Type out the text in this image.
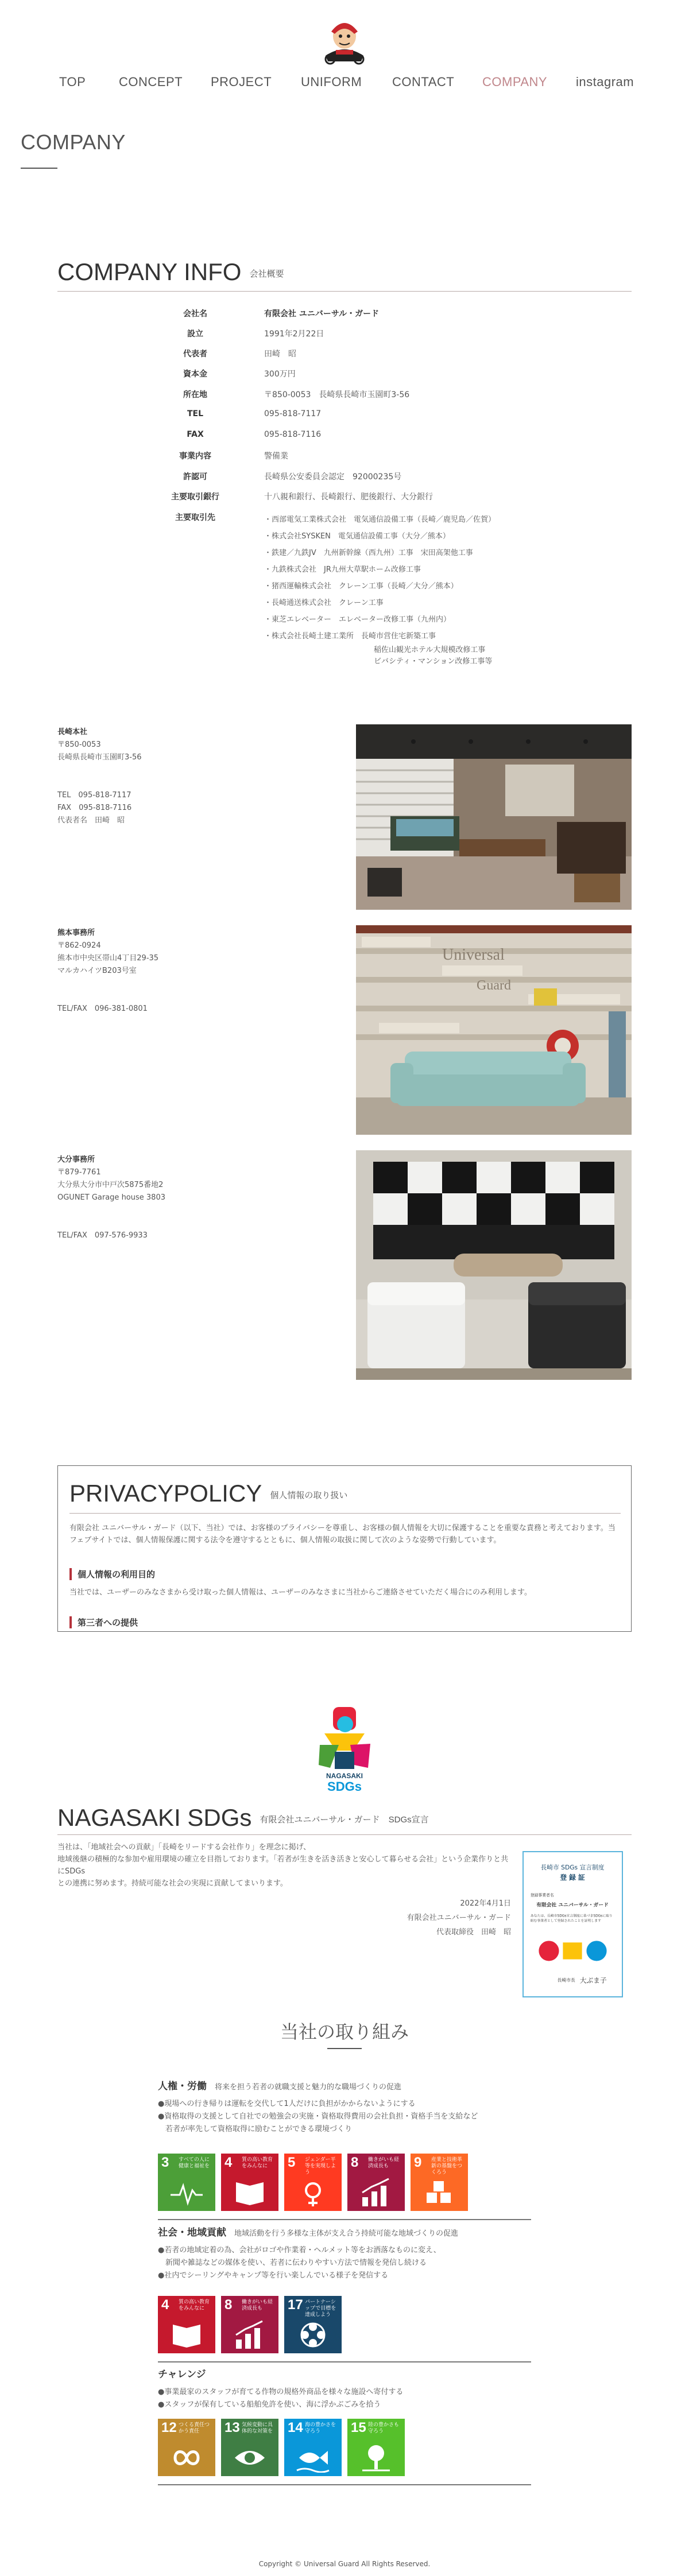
TOP	CONCEPT PROJECT UNIFORM CONTACT COMPANY instagram
COMPANY
COMPANY INFO 会社概要
会社名	有限会社 ユニバーサル・ガード
設立	1991年2月22日
代表者	田崎　昭
資本金	300万円
所在地	〒850-0053　長崎県長崎市玉園町3-56
TEL	095-818-7117
FAX	095-818-7116
事業内容	警備業
許認可	長崎県公安委員会認定　92000235号
主要取引銀行	十八親和銀行、長崎銀行、肥後銀行、大分銀行
主要取引先	・西部電気工業株式会社　電気通信設備工事（長崎／鹿児島／佐賀）
・株式会社SYSKEN　電気通信設備工事（大分／熊本）
・鉄建／九鉄JV　九州新幹線（西九州）工事　宋田高架他工事
・九鉄株式会社　JR九州大草駅ホーム改修工事
・猪西運輸株式会社　クレーン工事（長崎／大分／熊本）
・長崎通送株式会社　クレーン工事
・東芝エレベーター　エレベーター改修工事（九州内）
・株式会社長崎土建工業所　長崎市営住宅新築工事
稲佐山観光ホテル大規模改修工事
ビバシティ・マンション改修工事等
長崎本社
〒850-0053
長崎県長崎市玉園町3-56
TEL　095-818-7117
FAX　095-818-7116
代表者名　田崎　昭
熊本事務所
〒862-0924
熊本市中央区帯山4丁目29-35
マルカハイツB203号室
TEL/FAX　096-381-0801
Universal
Guard
大分事務所
〒879-7761
大分県大分市中戸次5875番地2
OGUNET Garage house 3803
TEL/FAX　097-576-9933
PRIVACYPOLICY 個人情報の取り扱い
有限会社 ユニバーサル・ガード（以下、当社）では、お客様のプライバシーを尊重し、お客様の個人情報を大切に保護することを重要な責務と考えております。当フェブサイトでは、個人情報保護に関する法令を遵守するとともに、個人情報の取扱に関して次のような姿勢で行動しています。
個人情報の利用目的
当社では、ユーザーのみなさまから受け取った個人情報は、ユーザーのみなさまに当社からご連絡させていただく場合にのみ利用します。
第三者への提供
NAGASAKI
SDGs
NAGASAKI SDGs 有限会社ユニバーサル・ガード　SDGs宣言
当社は、「地域社会への貢献」「長崎をリードする会社作り」を理念に掲げ、
地域後継の積極的な参加や雇用環境の確立を目指しております。「若者が生きを活き活きと安心して暮らせる会社」という企業作りと共にSDGs
との連携に努めます。持続可能な社会の実現に貢献してまいります。
2022年4月1日
有限会社ユニバーサル・ガード
代表取締役　田崎　昭
長崎市 SDGs 宣言制度
登 録 証
登録事業者名
有限会社 ユニバーサル・ガード
あなたは、長崎市SDGs宣言制度に基づきSDGsに取り組む事業者として登録されたことを証明します
長崎市長 大ぶま子
当社の取り組み
人権・労働 将来を担う若者の就職支援と魅力的な職場づくりの促進
●現場への行き帰りは運転を交代して1人だけに負担がかからないようにする
●資格取得の支援として自社での勉強会の実施・資格取得費用の会社負担・資格手当を支給など
　若者が率先して資格取得に励むことができる環境づくり
3 すべての人に健康と福祉を 4 質の高い教育をみんなに	5 ジェンダー平等を実現しよう
8 働きがいも経済成長も	9 産業と技術革新の基盤をつくろう
社会・地域貢献 地域活動を行う多様な主体が支え合う持続可能な地域づくりの促進
●若者の地域定着の為、会社がロゴや作業着・ヘルメット等をお洒落なものに変え、
　新聞や雑誌などの媒体を使い、若者に伝わりやすい方法で情報を発信し続ける
●社内でシーリングやキャンプ等を行い楽しんでいる様子を発信する
4 質の高い教育をみんなに	8 働きがいも経済成長も	17 パートナーシップで目標を達成しよう
チャレンジ
●事業最家のスタッフが育てる作物の規格外商品を様々な施設へ寄付する
●スタッフが保有している船舶免許を使い、海に浮かぶごみを拾う
12 つくる責任つかう責任	13 気候変動に具体的な対策を 14 海の豊かさを守ろう	15 陸の豊かさも守ろう
Copyright © Universal Guard All Rights Reserved.
